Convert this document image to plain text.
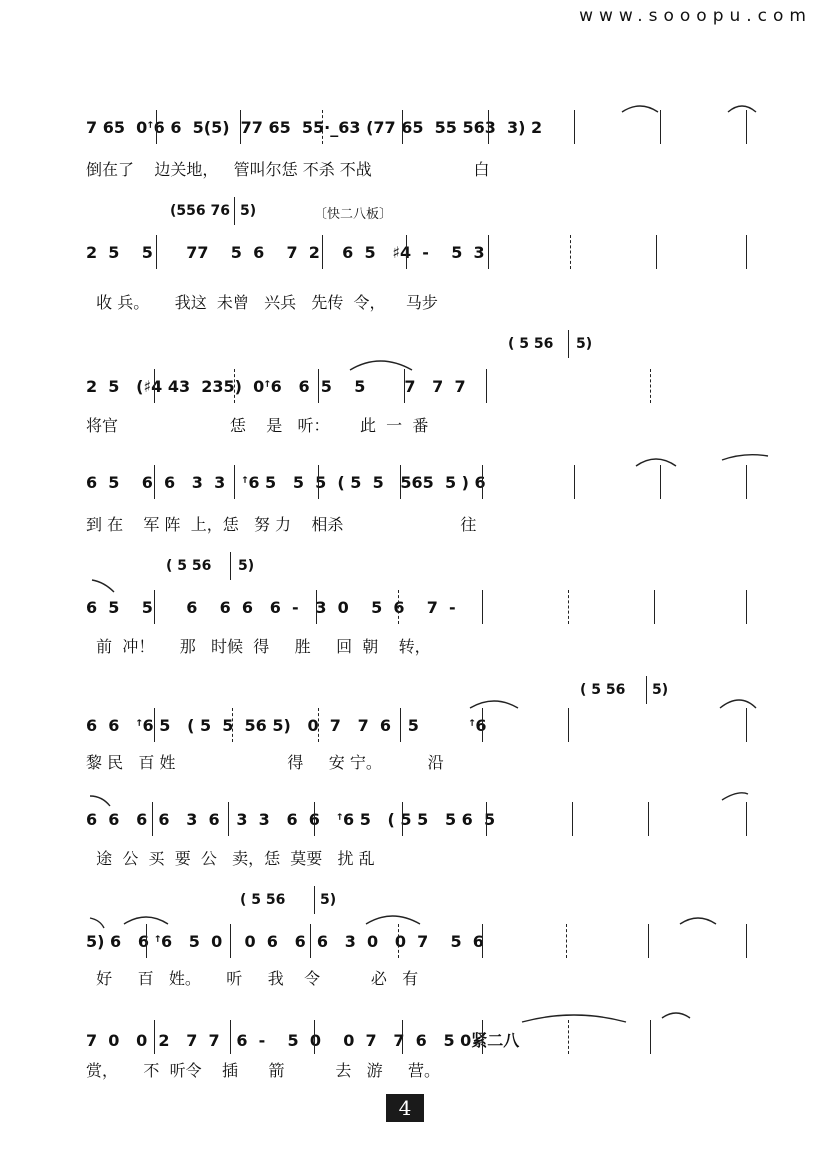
www.sooopu.com
(556 76 5)	〔快二八板〕
7 65  0ꜛ6 6  5(5)  77 65  55·_63 (77 65  55 563  3) 2
倒在了    边关地，   管叫尔恁 不杀 不战                    白
2  5    5      77    5  6    7  2    6  5   ♯4  -    5  3
收 兵。     我这  未曾   兴兵   先传  令，    马步
( 5 56 5)
2  5   (♯4 43  235)  0ꜛ6   6  5    5       7   7  7
将官                      恁    是   听：      此  一  番
6  5    6  6   3  3   ꜛ6 5   5  5  ( 5  5   565  5 ) 6
到 在    军 阵  上，恁   努 力    相杀                       往
( 5 56 5)
6  5    5      6    6  6   6  -   3  0    5  6    7  -
前  冲！     那   时候  得     胜     回  朝    转，
( 5 56 5)
6  6   ꜛ6 5   ( 5  5  56 5)   0  7   7  6   5         ꜛ6
黎 民   百 姓                      得     安 宁。         沿
6  6   6  6   3  6   3  3   6  6   ꜛ6 5   ( 5 5   5 6  5
途  公  买  要  公   卖，恁  莫要   扰 乱
( 5 56 5)
5) 6   6 ꜛ6   5  0    0  6   6  6   3  0   0  7    5  6
好     百   姓。     听     我    令          必   有
7  0   0  2   7  7   6  -    5  0    0  7   7  6   5 0紧二八
赏，     不  听令    插      箭          去   游     营。
4
